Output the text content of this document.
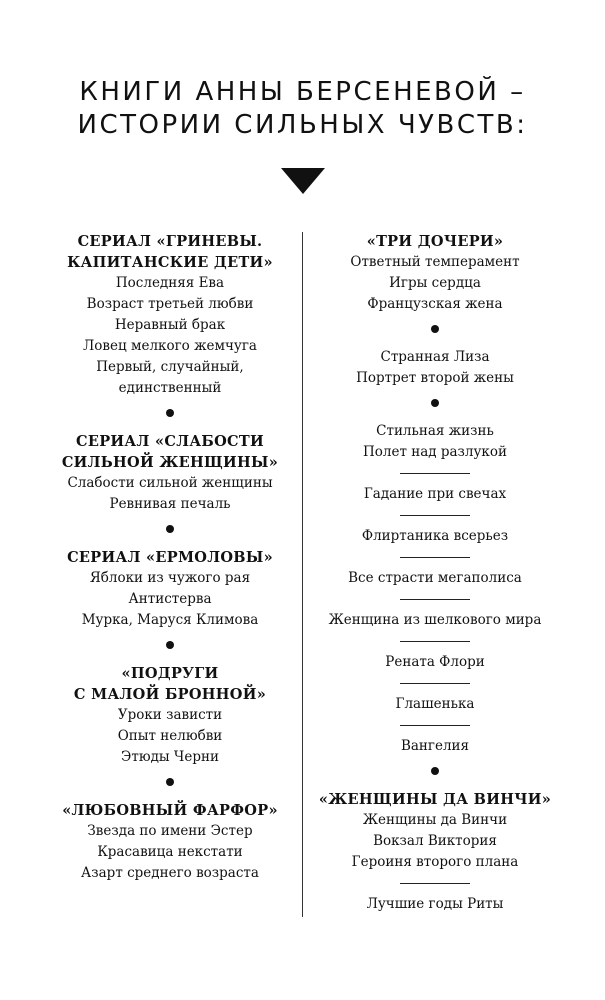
КНИГИ АННЫ БЕРСЕНЕВОЙ –
ИСТОРИИ СИЛЬНЫХ ЧУВСТВ:
СЕРИАЛ «ГРИНЕВЫ.
КАПИТАНСКИЕ ДЕТИ»
Последняя Ева
Возраст третьей любви
Неравный брак
Ловец мелкого жемчуга
Первый, случайный,
единственный
СЕРИАЛ «СЛАБОСТИ
СИЛЬНОЙ ЖЕНЩИНЫ»
Слабости сильной женщины
Ревнивая печаль
СЕРИАЛ «ЕРМОЛОВЫ»
Яблоки из чужого рая
Антистерва
Мурка, Маруся Климова
«ПОДРУГИ
С МАЛОЙ БРОННОЙ»
Уроки зависти
Опыт нелюбви
Этюды Черни
«ЛЮБОВНЫЙ ФАРФОР»
Звезда по имени Эстер
Красавица некстати
Азарт среднего возраста
«ТРИ ДОЧЕРИ»
Ответный темперамент
Игры сердца
Французская жена
Странная Лиза
Портрет второй жены
Стильная жизнь
Полет над разлукой
Гадание при свечах
Флиртаника всерьез
Все страсти мегаполиса
Женщина из шелкового мира
Рената Флори
Глашенька
Вангелия
«ЖЕНЩИНЫ ДА ВИНЧИ»
Женщины да Винчи
Вокзал Виктория
Героиня второго плана
Лучшие годы Риты
